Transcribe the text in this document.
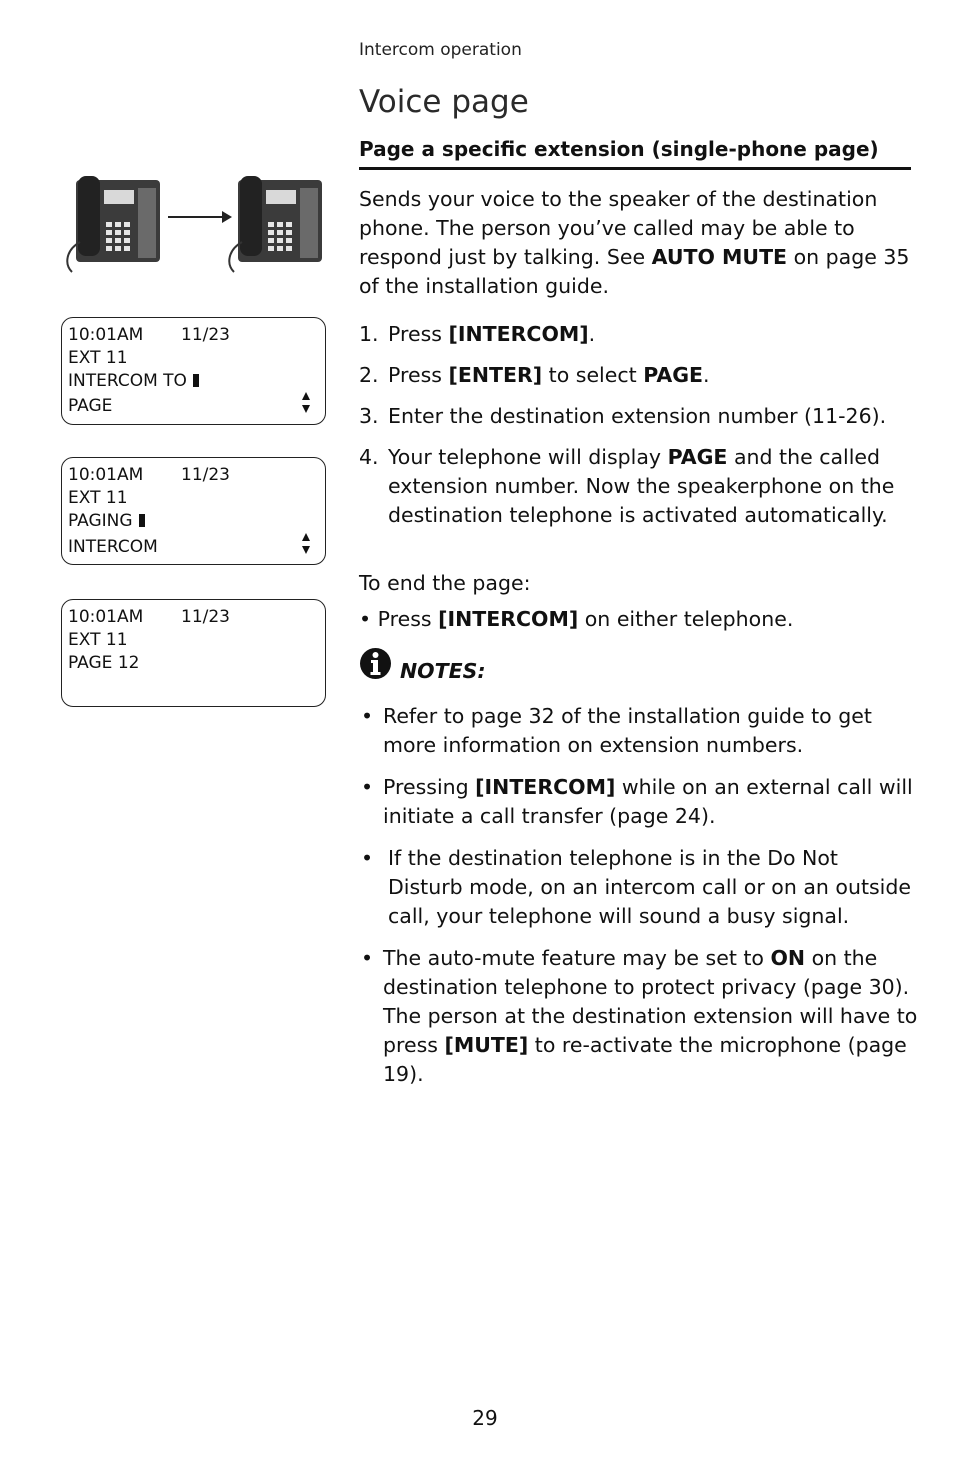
Intercom operation
Voice page
Page a specific extension (single-phone page)
Sends your voice to the speaker of the destination phone. The person you’ve called may be able to respond just by talking. See AUTO MUTE on page 35 of the installation guide.
1. Press [INTERCOM].
2. Press [ENTER] to select PAGE.
3. Enter the destination extension number (11-26).
4. Your telephone will display PAGE and the called extension number. Now the speakerphone on the destination telephone is activated automatically.
To end the page:
• Press [INTERCOM] on either telephone.
NOTES:
• Refer to page 32 of the installation guide to get more information on extension numbers.
• Pressing [INTERCOM] while on an external call will initiate a call transfer (page 24).
• If the destination telephone is in the Do Not Disturb mode, on an intercom call or on an outside call, your telephone will sound a busy signal.
• The auto-mute feature may be set to ON on the destination telephone to protect privacy (page 30). The person at the destination extension will have to press [MUTE] to re-activate the microphone (page 19).
10:01AM 11/23
EXT 11
INTERCOM TO
PAGE
10:01AM 11/23
EXT 11
PAGING
INTERCOM
10:01AM 11/23
EXT 11
PAGE 12
29
